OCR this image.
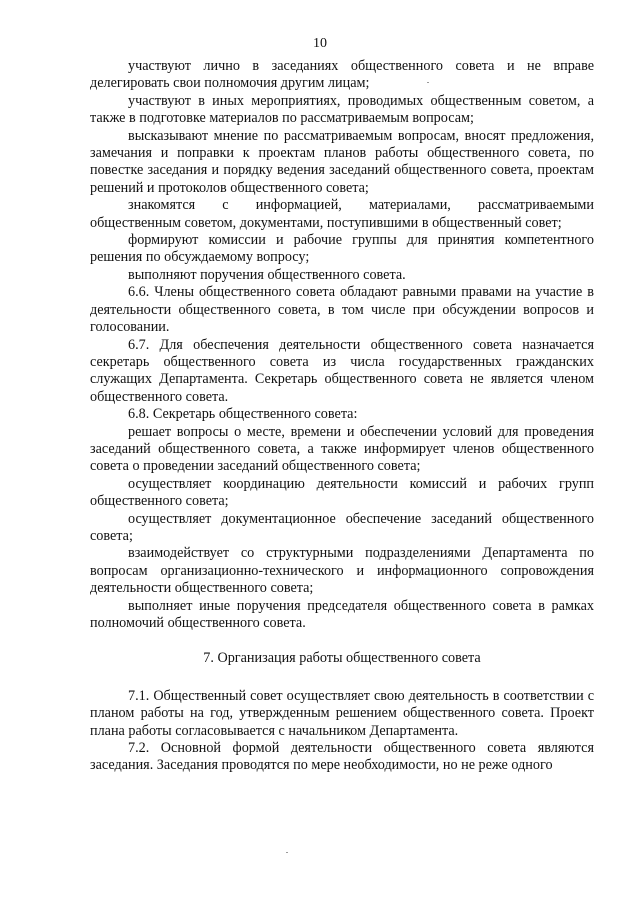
10

участвуют лично в заседаниях общественного совета и не вправе делегировать свои полномочия другим лицам;

участвуют в иных мероприятиях, проводимых общественным советом, а также в подготовке материалов по рассматриваемым вопросам;

высказывают мнение по рассматриваемым вопросам, вносят предложения, замечания и поправки к проектам планов работы общественного совета, по повестке заседания и порядку ведения заседаний общественного совета, проектам решений и протоколов общественного совета;

знакомятся с информацией, материалами, рассматриваемыми общественным советом, документами, поступившими в общественный совет;

формируют комиссии и рабочие группы для принятия компетентного решения по обсуждаемому вопросу;

выполняют поручения общественного совета.

6.6. Члены общественного совета обладают равными правами на участие в деятельности общественного совета, в том числе при обсуждении вопросов и голосовании.

6.7. Для обеспечения деятельности общественного совета назначается секретарь общественного совета из числа государственных гражданских служащих Департамента. Секретарь общественного совета не является членом общественного совета.

6.8. Секретарь общественного совета:

решает вопросы о месте, времени и обеспечении условий для проведения заседаний общественного совета, а также информирует членов общественного совета о проведении заседаний общественного совета;

осуществляет координацию деятельности комиссий и рабочих групп общественного совета;

осуществляет документационное обеспечение заседаний общественного совета;

взаимодействует со структурными подразделениями Департамента по вопросам организационно-технического и информационного сопровождения деятельности общественного совета;

выполняет иные поручения председателя общественного совета в рамках полномочий общественного совета.

7. Организация работы общественного совета

7.1. Общественный совет осуществляет свою деятельность в соответствии с планом работы на год, утвержденным решением общественного совета. Проект плана работы согласовывается с начальником Департамента.

7.2. Основной формой деятельности общественного совета являются заседания. Заседания проводятся по мере необходимости, но не реже одного
